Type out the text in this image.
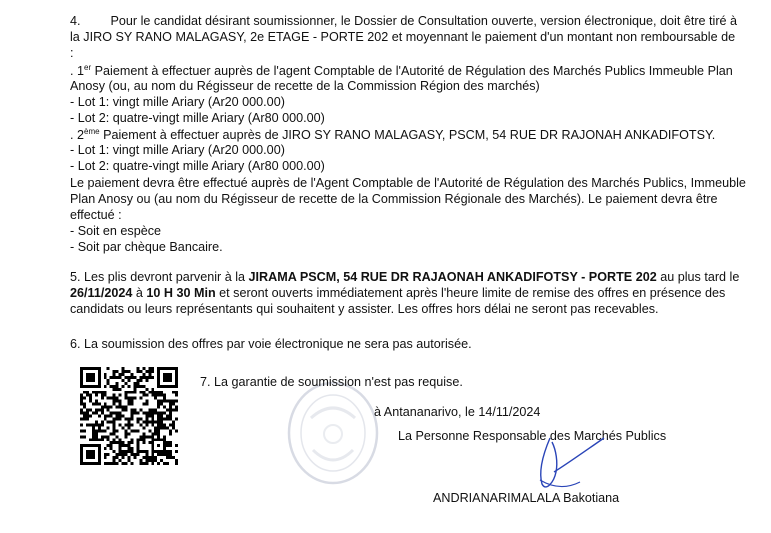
4. Pour le candidat désirant soumissionner, le Dossier de Consultation ouverte, version électronique, doit être tiré à
la JIRO SY RANO MALAGASY, 2e ETAGE - PORTE 202 et moyennant le paiement d'un montant non remboursable de
:
. 1er Paiement à effectuer auprès de l'agent Comptable de l'Autorité de Régulation des Marchés Publics Immeuble Plan
Anosy (ou, au nom du Régisseur de recette de la Commission Région des marchés)
- Lot 1: vingt mille Ariary (Ar20 000.00)
- Lot 2: quatre-vingt mille Ariary (Ar80 000.00)
. 2ème Paiement à effectuer auprès de JIRO SY RANO MALAGASY, PSCM, 54 RUE DR RAJONAH ANKADIFOTSY.
- Lot 1: vingt mille Ariary (Ar20 000.00)
- Lot 2: quatre-vingt mille Ariary (Ar80 000.00)
Le paiement devra être effectué auprès de l'Agent Comptable de l'Autorité de Régulation des Marchés Publics, Immeuble
Plan Anosy ou (au nom du Régisseur de recette de la Commission Régionale des Marchés). Le paiement devra être
effectué :
- Soit en espèce
- Soit par chèque Bancaire.
5. Les plis devront parvenir à la JIRAMA PSCM, 54 RUE DR RAJAONAH ANKADIFOTSY - PORTE 202 au plus tard le
26/11/2024 à 10 H 30 Min et seront ouverts immédiatement après l'heure limite de remise des offres en présence des
candidats ou leurs représentants qui souhaitent y assister. Les offres hors délai ne seront pas recevables.
6. La soumission des offres par voie électronique ne sera pas autorisée.
7. La garantie de soumission n'est pas requise.
à Antananarivo, le 14/11/2024
La Personne Responsable des Marchés Publics
ANDRIANARIMALALA Bakotiana
